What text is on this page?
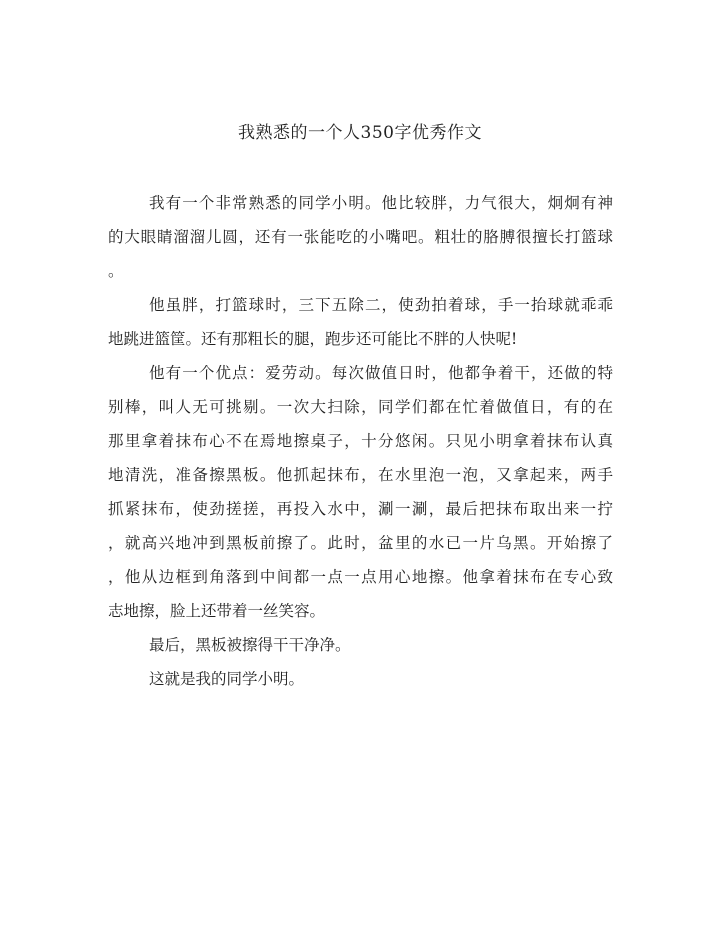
我熟悉的一个人350字优秀作文
我有一个非常熟悉的同学小明。他比较胖，力气很大，炯炯有神
的大眼睛溜溜儿圆，还有一张能吃的小嘴吧。粗壮的胳膊很擅长打篮球
。
他虽胖，打篮球时，三下五除二，使劲拍着球，手一抬球就乖乖
地跳进篮筐。还有那粗长的腿，跑步还可能比不胖的人快呢!
他有一个优点：爱劳动。每次做值日时，他都争着干，还做的特
别棒，叫人无可挑剔。一次大扫除，同学们都在忙着做值日，有的在
那里拿着抹布心不在焉地擦桌子，十分悠闲。只见小明拿着抹布认真
地清洗，准备擦黑板。他抓起抹布，在水里泡一泡，又拿起来，两手
抓紧抹布，使劲搓搓，再投入水中，涮一涮，最后把抹布取出来一拧
，就高兴地冲到黑板前擦了。此时，盆里的水已一片乌黑。开始擦了
，他从边框到角落到中间都一点一点用心地擦。他拿着抹布在专心致
志地擦，脸上还带着一丝笑容。
最后，黑板被擦得干干净净。
这就是我的同学小明。
